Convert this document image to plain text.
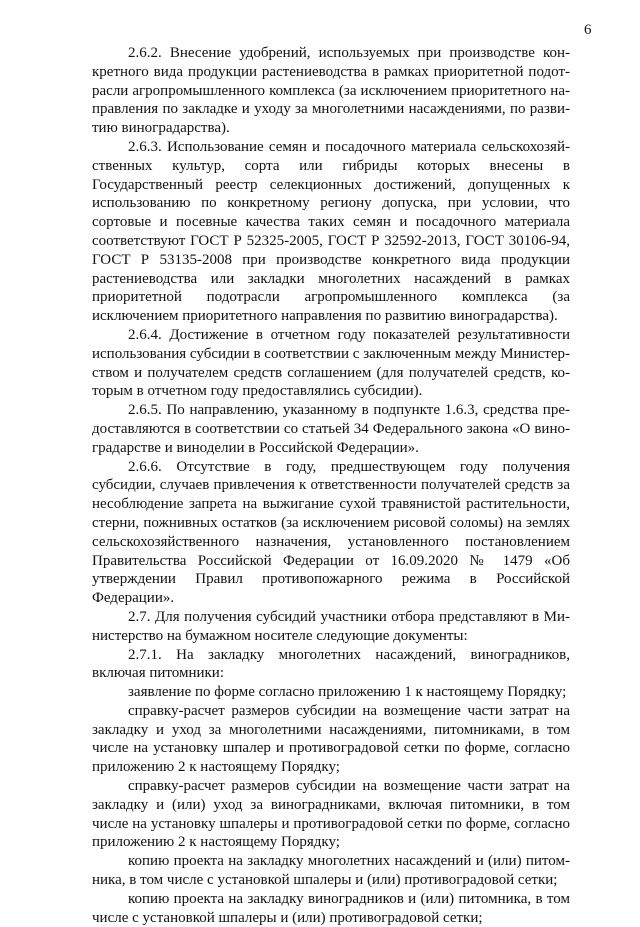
6

2.6.2. Внесение удобрений, используемых при производстве конкретного вида продукции растениеводства в рамках приоритетной подотрасли агропромышленного комплекса (за исключением приоритетного направления по закладке и уходу за многолетними насаждениями, по развитию виноградарства).

2.6.3. Использование семян и посадочного материала сельскохозяйственных культур, сорта или гибриды которых внесены в Государственный реестр селекционных достижений, допущенных к использованию по конкретному региону допуска, при условии, что сортовые и посевные качества таких семян и посадочного материала соответствуют ГОСТ Р 52325-2005, ГОСТ Р 32592-2013, ГОСТ 30106-94, ГОСТ Р 53135-2008 при производстве конкретного вида продукции растениеводства или закладки многолетних насаждений в рамках приоритетной подотрасли агропромышленного комплекса (за исключением приоритетного направления по развитию виноградарства).

2.6.4. Достижение в отчетном году показателей результативности использования субсидии в соответствии с заключенным между Министерством и получателем средств соглашением (для получателей средств, которым в отчетном году предоставлялись субсидии).

2.6.5. По направлению, указанному в подпункте 1.6.3, средства предоставляются в соответствии со статьей 34 Федерального закона «О виноградарстве и виноделии в Российской Федерации».

2.6.6. Отсутствие в году, предшествующем году получения субсидии, случаев привлечения к ответственности получателей средств за несоблюдение запрета на выжигание сухой травянистой растительности, стерни, пожнивных остатков (за исключением рисовой соломы) на землях сельскохозяйственного назначения, установленного постановлением Правительства Российской Федерации от 16.09.2020 № 1479 «Об утверждении Правил противопожарного режима в Российской Федерации».

2.7. Для получения субсидий участники отбора представляют в Министерство на бумажном носителе следующие документы:

2.7.1. На закладку многолетних насаждений, виноградников, включая питомники:

заявление по форме согласно приложению 1 к настоящему Порядку;

справку-расчет размеров субсидии на возмещение части затрат на закладку и уход за многолетними насаждениями, питомниками, в том числе на установку шпалер и противоградовой сетки по форме, согласно приложению 2 к настоящему Порядку;

справку-расчет размеров субсидии на возмещение части затрат на закладку и (или) уход за виноградниками, включая питомники, в том числе на установку шпалеры и противоградовой сетки по форме, согласно приложению 2 к настоящему Порядку;

копию проекта на закладку многолетних насаждений и (или) питомника, в том числе с установкой шпалеры и (или) противоградовой сетки;

копию проекта на закладку виноградников и (или) питомника, в том числе с установкой шпалеры и (или) противоградовой сетки;
